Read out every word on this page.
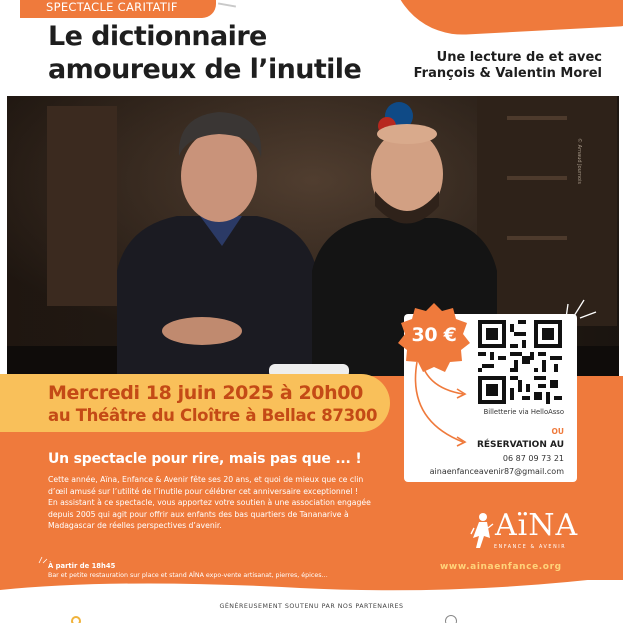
SPECTACLE CARITATIF
Le dictionnaire
amoureux de l’inutile	Une lecture de et avec
François & Valentin Morel
© Arnaud Journois
Mercredi 18 juin 2025 à 20h00
au Théâtre du Cloître à Bellac 87300
Un spectacle pour rire, mais pas que ... !
Cette année, Aïna, Enfance & Avenir fête ses 20 ans, et quoi de mieux que ce clin d’œil amusé sur l’utilité de l’inutile pour célébrer cet anniversaire exceptionnel !
En assistant à ce spectacle, vous apportez votre soutien à une association engagée depuis 2005 qui agit pour offrir aux enfants des bas quartiers de Tananarive à Madagascar de réelles perspectives d’avenir.
À partir de 18h45
Bar et petite restauration sur place et stand AÏNA expo-vente artisanat, pierres, épices…
Billetterie via HelloAsso
OU
RÉSERVATION AU
06 87 09 73 21
ainaenfanceavenir87@gmail.com
30 €
AïNA
ENFANCE & AVENIR
www.ainaenfance.org
GÉNÉREUSEMENT SOUTENU PAR NOS PARTENAIRES
